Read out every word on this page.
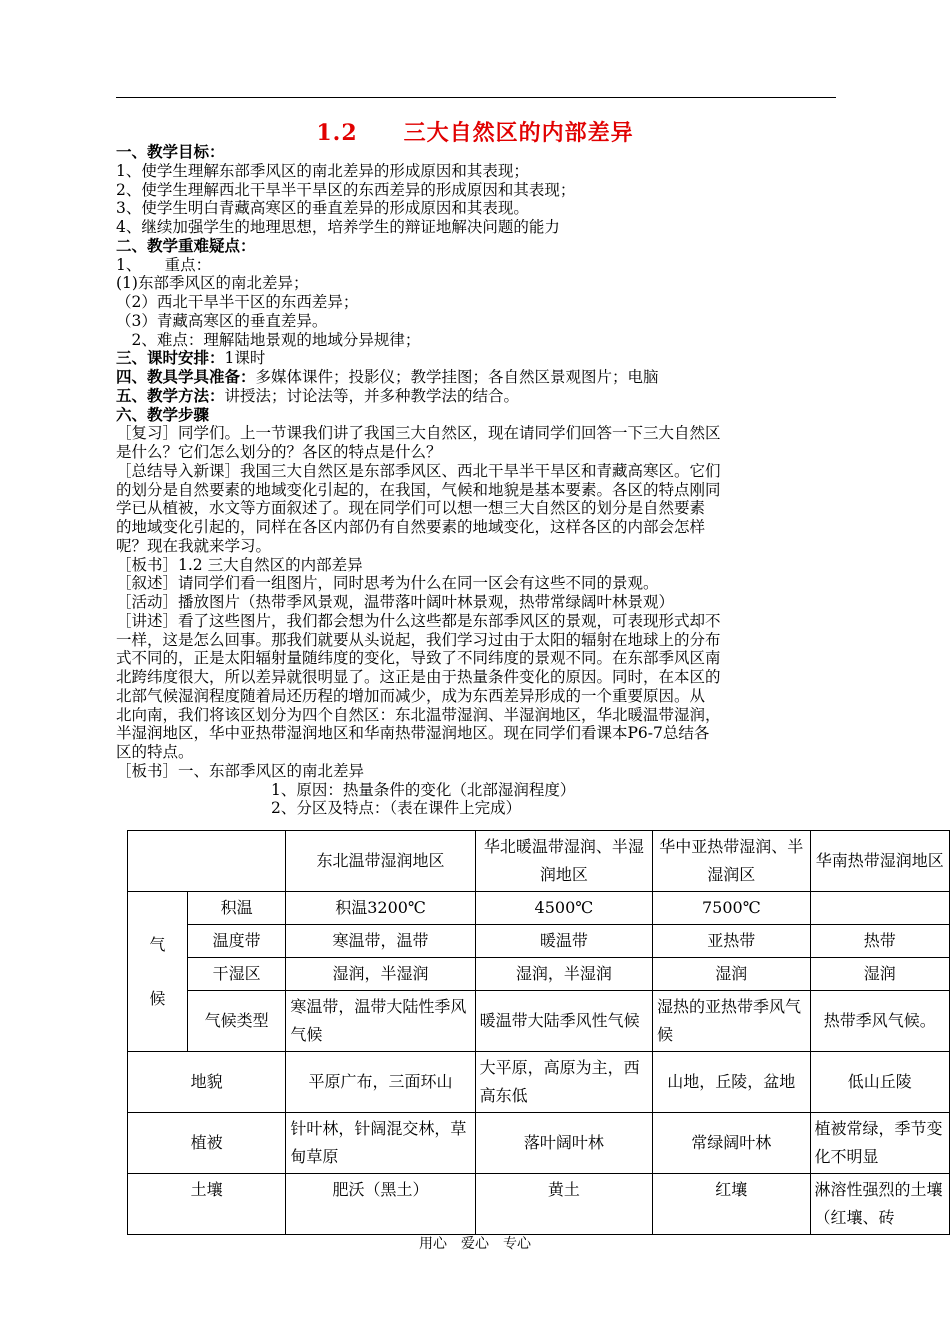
1.2　　三大自然区的内部差异
一、教学目标：
1、使学生理解东部季风区的南北差异的形成原因和其表现；
2、使学生理解西北干旱半干旱区的东西差异的形成原因和其表现；
3、使学生明白青藏高寒区的垂直差异的形成原因和其表现。
4、继续加强学生的地理思想，培养学生的辩证地解决问题的能力
二、教学重难疑点：
1、　　重点：
(1)东部季风区的南北差异；
（2）西北干旱半干区的东西差异；
（3）青藏高寒区的垂直差异。
　2、难点：理解陆地景观的地域分异规律；
三、课时安排：1课时
四、教具学具准备：多媒体课件；投影仪；教学挂图；各自然区景观图片；电脑
五、教学方法：讲授法；讨论法等，并多种教学法的结合。
六、教学步骤
［复习］同学们。上一节课我们讲了我国三大自然区，现在请同学们回答一下三大自然区
是什么？它们怎么划分的？各区的特点是什么？
［总结导入新课］我国三大自然区是东部季风区、西北干旱半干旱区和青藏高寒区。它们
的划分是自然要素的地域变化引起的，在我国，气候和地貌是基本要素。各区的特点刚同
学已从植被，水文等方面叙述了。现在同学们可以想一想三大自然区的划分是自然要素
的地域变化引起的，同样在各区内部仍有自然要素的地域变化，这样各区的内部会怎样
呢？现在我就来学习。
［板书］1.2 三大自然区的内部差异
［叙述］请同学们看一组图片，同时思考为什么在同一区会有这些不同的景观。
［活动］播放图片（热带季风景观，温带落叶阔叶林景观，热带常绿阔叶林景观）
［讲述］看了这些图片，我们都会想为什么这些都是东部季风区的景观，可表现形式却不
一样，这是怎么回事。那我们就要从头说起，我们学习过由于太阳的辐射在地球上的分布
式不同的，正是太阳辐射量随纬度的变化，导致了不同纬度的景观不同。在东部季风区南
北跨纬度很大，所以差异就很明显了。这正是由于热量条件变化的原因。同时，在本区的
北部气候湿润程度随着局还历程的增加而减少，成为东西差异形成的一个重要原因。从
北向南，我们将该区划分为四个自然区：东北温带湿润、半湿润地区，华北暖温带湿润，
半湿润地区，华中亚热带湿润地区和华南热带湿润地区。现在同学们看课本P6-7总结各
区的特点。
［板书］一、东部季风区的南北差异
　　　　　　　　　　1、原因：热量条件的变化（北部湿润程度）
　　　　　　　　　　2、分区及特点：（表在课件上完成）
		东北温带湿润地区	华北暖温带湿润、半湿润地区	华中亚热带湿润、半湿润区	华南热带湿润地区

气
候	积温	积温3200℃	4500℃	7500℃	
	温度带	寒温带，温带	暖温带	亚热带	热带
	干湿区	湿润，半湿润	湿润，半湿润	湿润	湿润
	气候类型	寒温带，温带大陆性季风气候	暖温带大陆季风性气候	湿热的亚热带季风气候	热带季风气候。
地貌		平原广布，三面环山	大平原，高原为主，西高东低	山地，丘陵，盆地	低山丘陵
植被		针叶林，针阔混交林，草甸草原	落叶阔叶林	常绿阔叶林	植被常绿，季节变化不明显
土壤		肥沃（黑土）	黄土	红壤	淋溶性强烈的土壤（红壤、砖
用心　爱心　专心
